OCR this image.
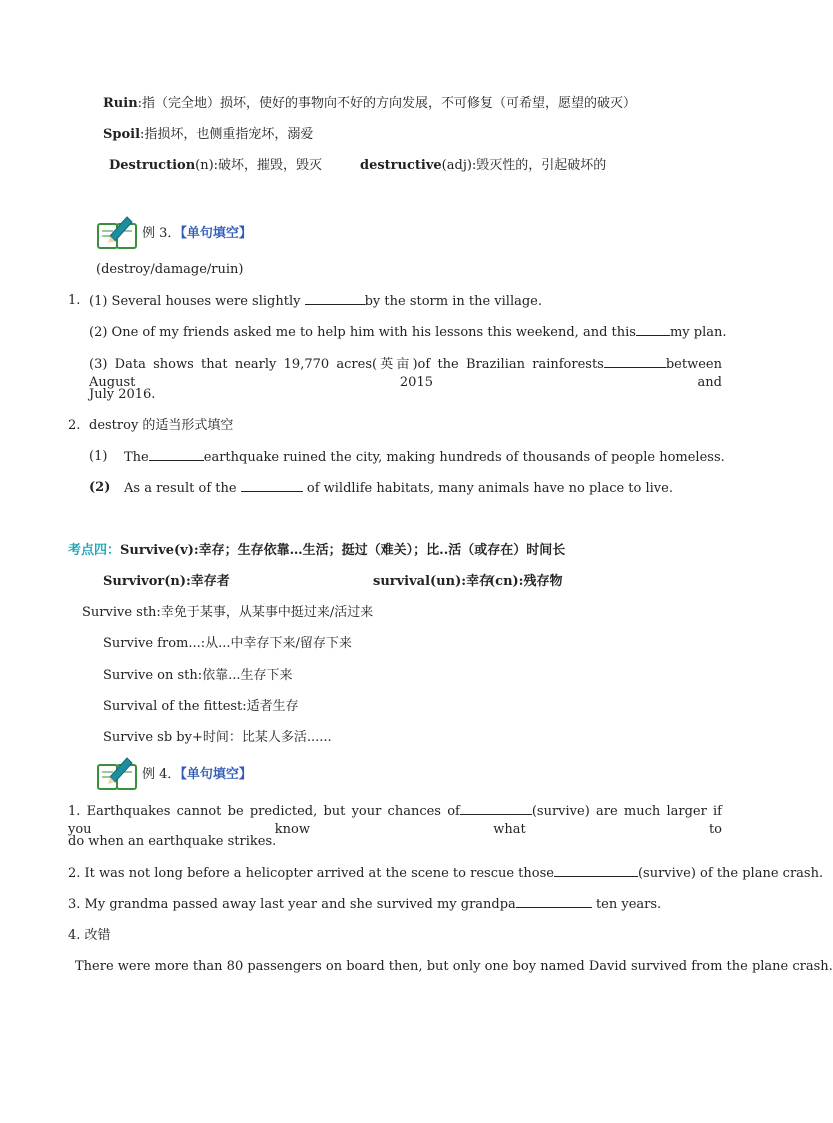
Ruin:指（完全地）损坏，使好的事物向不好的方向发展，不可修复（可希望，愿望的破灭）
Spoil:指损坏，也侧重指宠坏，溺爱
Destruction(n):破坏，摧毁，毁灭	destructive(adj):毁灭性的，引起破坏的
例 3．【单句填空】
(destroy/damage/ruin)
1. (1) Several houses were slightly	by the storm in the village.
(2) One of my friends asked me to help him with his lessons this weekend, and this	my plan.
(3) Data shows that nearly 19,770 acres(英亩)of the Brazilian rainforests	between August 2015 and
July 2016.
2. destroy 的适当形式填空
(1) The	earthquake ruined the city, making hundreds of thousands of people homeless.
(2) As a result of the	of wildlife habitats, many animals have no place to live.
考点四：Survive(v):幸存；生存依靠…生活；挺过（难关）；比..活（或存在）时间长
Survivor(n):幸存者	survival(un):幸存
(cn):残存物
Survive sth:幸免于某事，从某事中挺过来/活过来
Survive from...:从...中幸存下来/留存下来
Survive on sth:依靠...生存下来
Survival of the fittest:适者生存
Survive sb by+时间：比某人多活......
例 4．【单句填空】
1. Earthquakes cannot be predicted, but your chances of	(survive) are much larger if you know what to
do when an earthquake strikes.
2. It was not long before a helicopter arrived at the scene to rescue those	(survive) of the plane crash.
3. My grandma passed away last year and she survived my grandpa	ten years.
4. 改错
There were more than 80 passengers on board then, but only one boy named David survived from the plane crash.
